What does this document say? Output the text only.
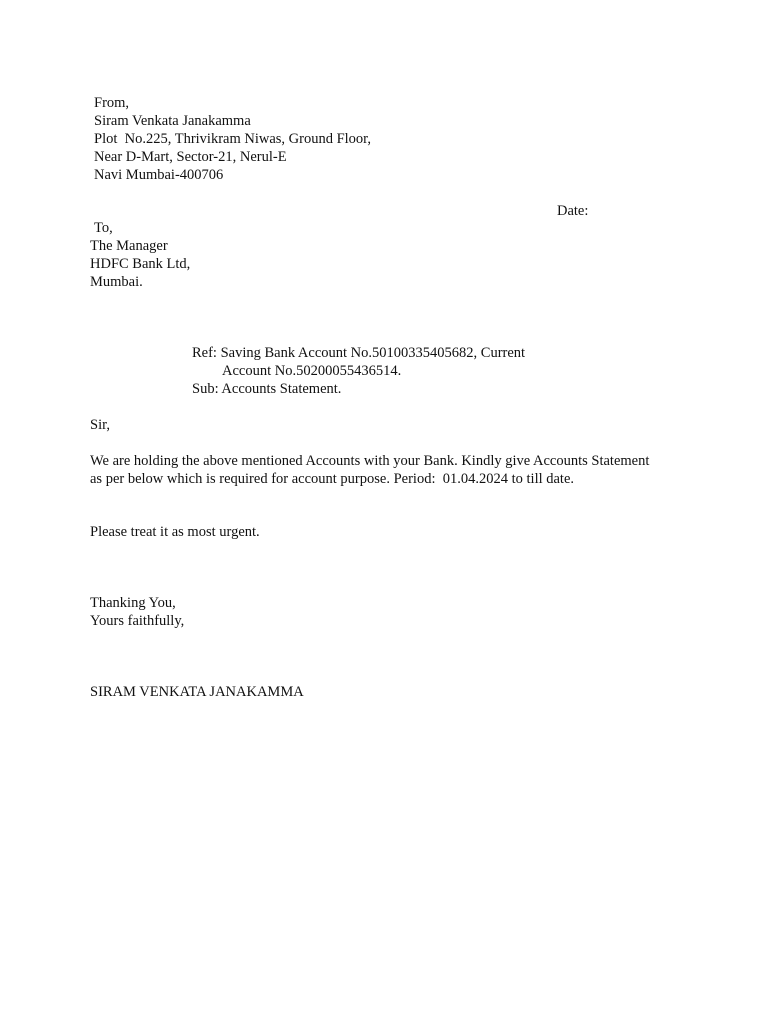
From,

Siram Venkata Janakamma

Plot  No.225, Thrivikram Niwas, Ground Floor,

Near D-Mart, Sector-21, Nerul-E

Navi Mumbai-400706

Date:

To,

The Manager

HDFC Bank Ltd,

Mumbai.

Ref: Saving Bank Account No.50100335405682, Current

Account No.50200055436514.

Sub: Accounts Statement.

Sir,

We are holding the above mentioned Accounts with your Bank. Kindly give Accounts Statement

as per below which is required for account purpose. Period:  01.04.2024 to till date.

Please treat it as most urgent.

Thanking You,

Yours faithfully,

SIRAM VENKATA JANAKAMMA
